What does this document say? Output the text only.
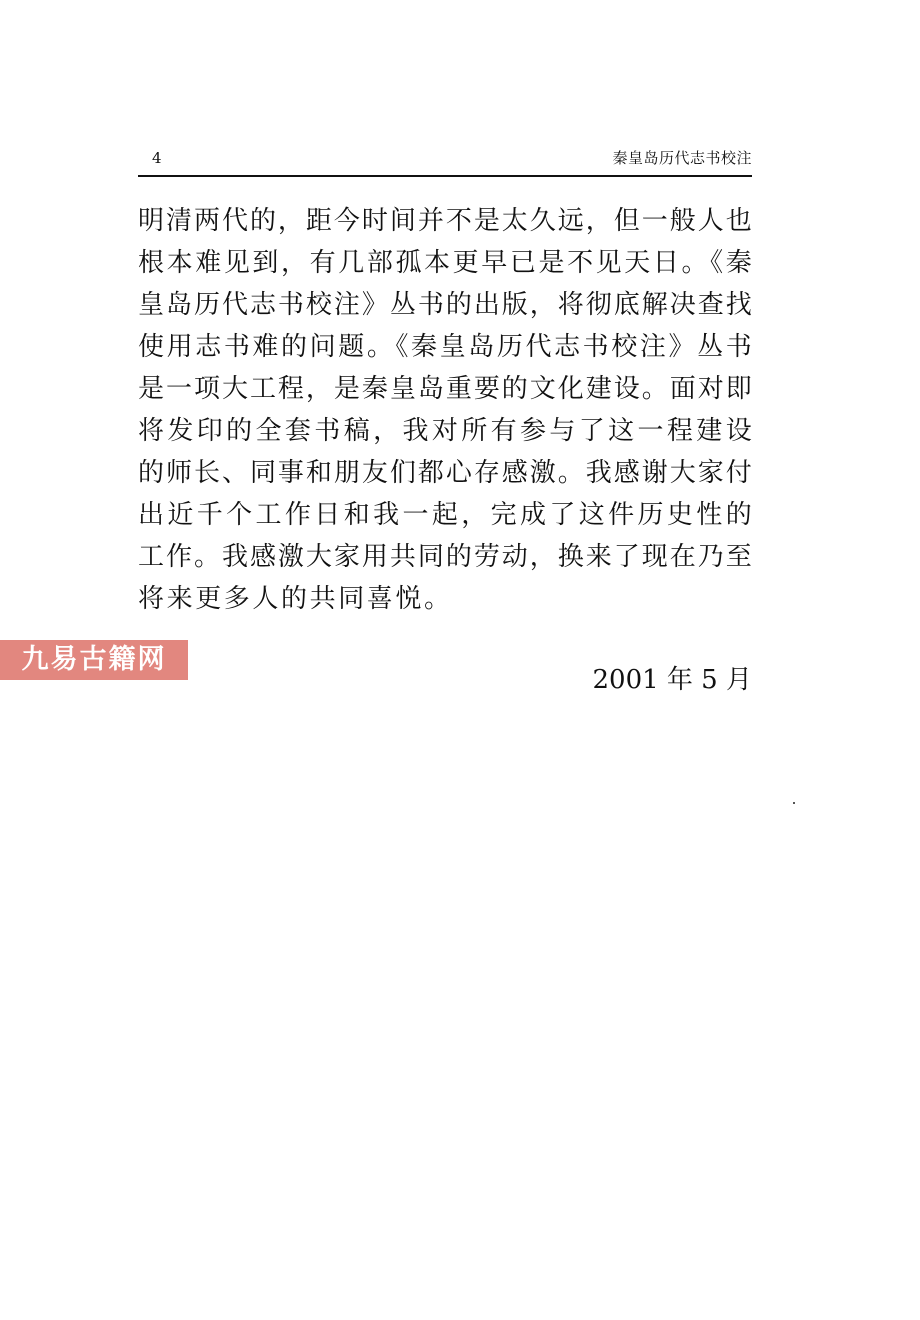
4	秦皇岛历代志书校注
明清两代的，距今时间并不是太久远，但一般人也
根本难见到，有几部孤本更早已是不见天日。《秦
皇岛历代志书校注》丛书的出版，将彻底解决查找
使用志书难的问题。《秦皇岛历代志书校注》丛书
是一项大工程，是秦皇岛重要的文化建设。面对即
将发印的全套书稿，我对所有参与了这一程建设
的师长、同事和朋友们都心存感激。我感谢大家付
出近千个工作日和我一起，完成了这件历史性的
工作。我感激大家用共同的劳动，换来了现在乃至
将来更多人的共同喜悦。
九易古籍网
2001 年 5 月
